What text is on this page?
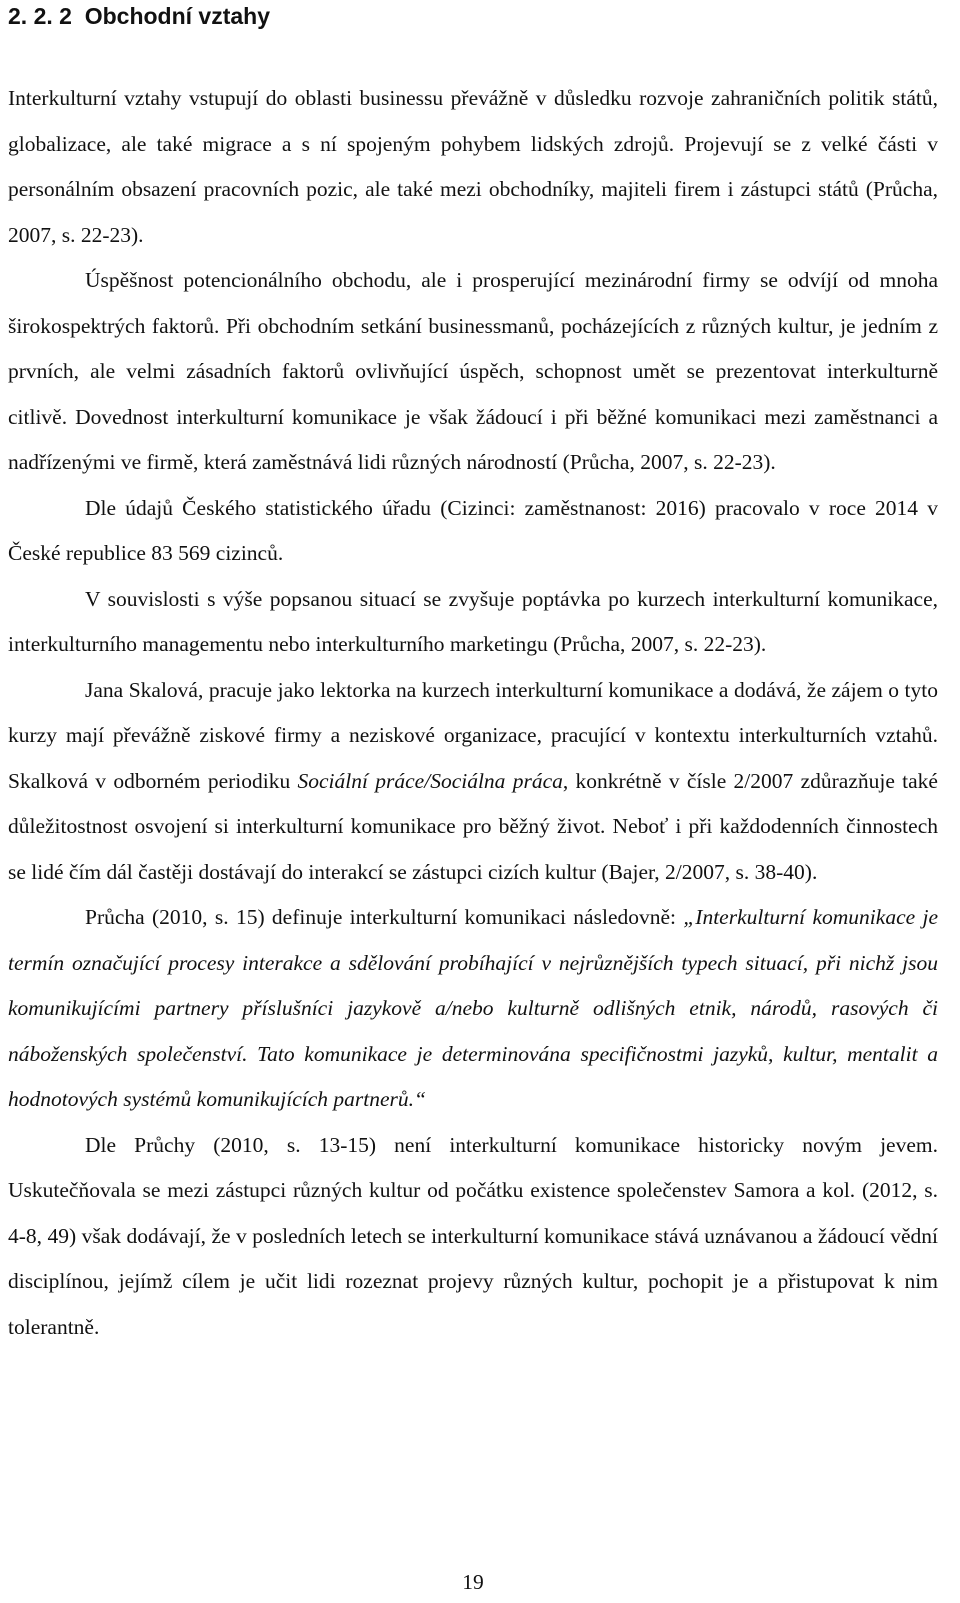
2. 2. 2 Obchodní vztahy

Interkulturní vztahy vstupují do oblasti businessu převážně v důsledku rozvoje zahraničních politik států, globalizace, ale také migrace a s ní spojeným pohybem lidských zdrojů. Projevují se z velké části v personálním obsazení pracovních pozic, ale také mezi obchodníky, majiteli firem i zástupci států (Průcha, 2007, s. 22-23).

Úspěšnost potencionálního obchodu, ale i prosperující mezinárodní firmy se odvíjí od mnoha širokospektrých faktorů. Při obchodním setkání businessmanů, pocházejících z různých kultur, je jedním z prvních, ale velmi zásadních faktorů ovlivňující úspěch, schopnost umět se prezentovat interkulturně citlivě. Dovednost interkulturní komunikace je však žádoucí i při běžné komunikaci mezi zaměstnanci a nadřízenými ve firmě, která zaměstnává lidi různých národností (Průcha, 2007, s. 22-23).

Dle údajů Českého statistického úřadu (Cizinci: zaměstnanost: 2016) pracovalo v roce 2014 v České republice 83 569 cizinců.

V souvislosti s výše popsanou situací se zvyšuje poptávka po kurzech interkulturní komunikace, interkulturního managementu nebo interkulturního marketingu (Průcha, 2007, s. 22-23).

Jana Skalová, pracuje jako lektorka na kurzech interkulturní komunikace a dodává, že zájem o tyto kurzy mají převážně ziskové firmy a neziskové organizace, pracující v kontextu interkulturních vztahů. Skalková v odborném periodiku Sociální práce/Sociálna práca, konkrétně v čísle 2/2007 zdůrazňuje také důležitostnost osvojení si interkulturní komunikace pro běžný život. Neboť i při každodenních činnostech se lidé čím dál častěji dostávají do interakcí se zástupci cizích kultur (Bajer, 2/2007, s. 38-40).

Průcha (2010, s. 15) definuje interkulturní komunikaci následovně: „Interkulturní komunikace je termín označující procesy interakce a sdělování probíhající v nejrůznějších typech situací, při nichž jsou komunikujícími partnery příslušníci jazykově a/nebo kulturně odlišných etnik, národů, rasových či náboženských společenství. Tato komunikace je determinována specifičnostmi jazyků, kultur, mentalit a hodnotových systémů komunikujících partnerů.“

Dle Průchy (2010, s. 13-15) není interkulturní komunikace historicky novým jevem. Uskutečňovala se mezi zástupci různých kultur od počátku existence společenstev Samora a kol. (2012, s. 4-8, 49) však dodávají, že v posledních letech se interkulturní komunikace stává uznávanou a žádoucí vědní disciplínou, jejímž cílem je učit lidi rozeznat projevy různých kultur, pochopit je a přistupovat k nim tolerantně.

19
